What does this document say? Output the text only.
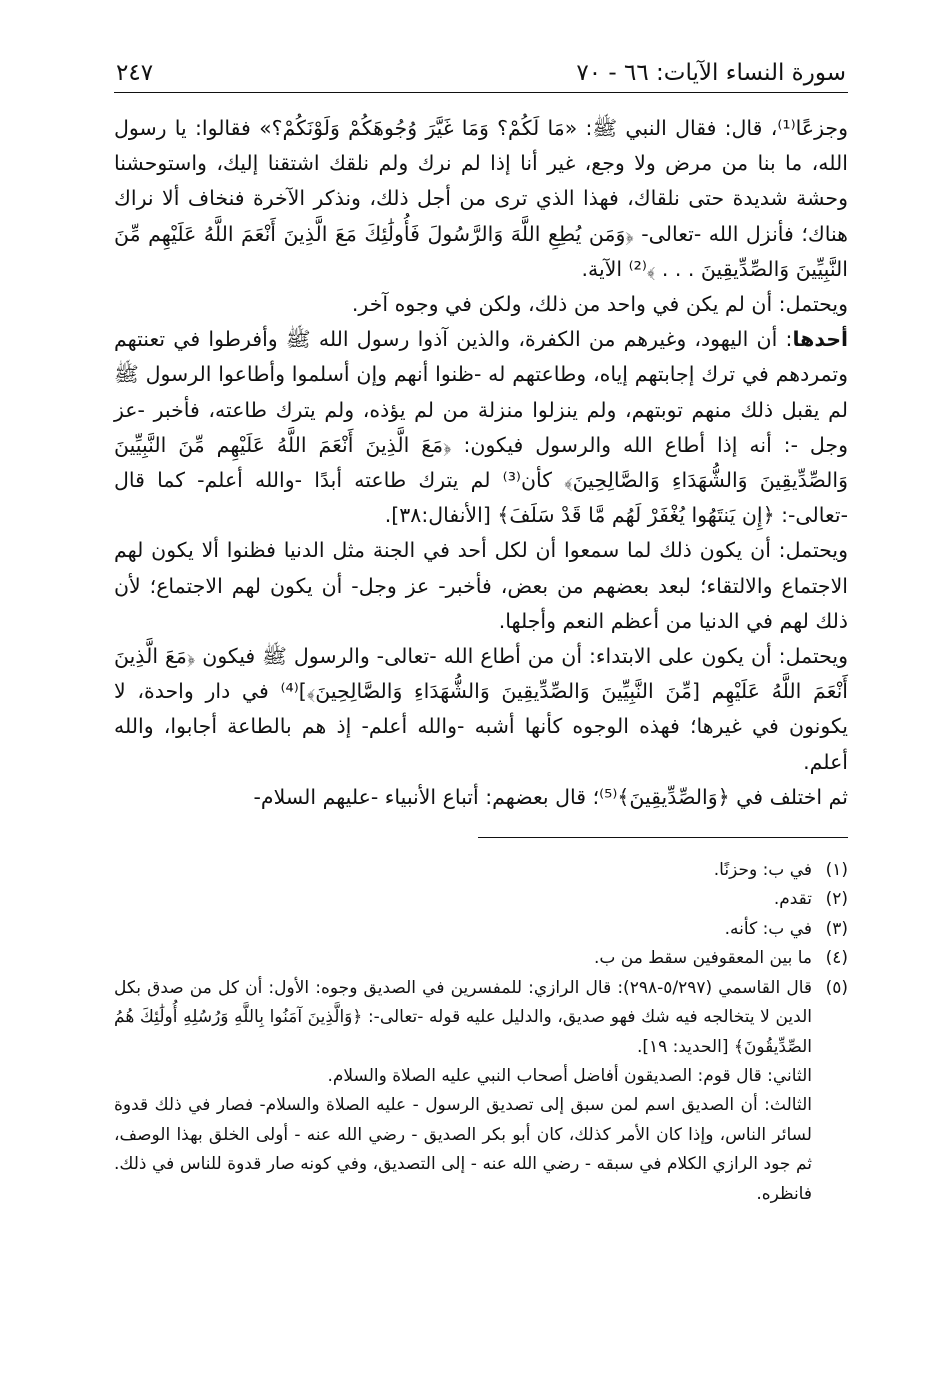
سورة النساء الآيات: ٦٦ - ٧٠
٢٤٧

وجزعًا⁽¹⁾، قال: فقال النبي ﷺ: «مَا لَكُمْ؟ وَمَا غَيَّرَ وُجُوهَكُمْ وَلَوْنَكُمْ؟» فقالوا: يا رسول الله، ما بنا من مرض ولا وجع، غير أنا إذا لم نرك ولم نلقك اشتقنا إليك، واستوحشنا وحشة شديدة حتى نلقاك، فهذا الذي ترى من أجل ذلك، ونذكر الآخرة فنخاف ألا نراك هناك؛ فأنزل الله -تعالى- ﴿وَمَن يُطِعِ اللَّهَ وَالرَّسُولَ فَأُولَٰئِكَ مَعَ الَّذِينَ أَنْعَمَ اللَّهُ عَلَيْهِم مِّنَ النَّبِيِّينَ وَالصِّدِّيقِينَ . . . ﴾⁽²⁾ الآية.

ويحتمل: أن لم يكن في واحد من ذلك، ولكن في وجوه آخر.

أحدها: أن اليهود، وغيرهم من الكفرة، والذين آذوا رسول الله ﷺ وأفرطوا في تعنتهم وتمردهم في ترك إجابتهم إياه، وطاعتهم له -ظنوا أنهم وإن أسلموا وأطاعوا الرسول ﷺ لم يقبل ذلك منهم توبتهم، ولم ينزلوا منزلة من لم يؤذه، ولم يترك طاعته، فأخبر -عز وجل -: أنه إذا أطاع الله والرسول فيكون: ﴿مَعَ الَّذِينَ أَنْعَمَ اللَّهُ عَلَيْهِم مِّنَ النَّبِيِّينَ وَالصِّدِّيقِينَ وَالشُّهَدَاءِ وَالصَّالِحِينَ﴾ كأن⁽³⁾ لم يترك طاعته أبدًا -والله أعلم- كما قال -تعالى-: ﴿إِن يَنتَهُوا يُغْفَرْ لَهُم مَّا قَدْ سَلَفَ﴾ [الأنفال:٣٨].

ويحتمل: أن يكون ذلك لما سمعوا أن لكل أحد في الجنة مثل الدنيا فظنوا ألا يكون لهم الاجتماع والالتقاء؛ لبعد بعضهم من بعض، فأخبر- عز وجل- أن يكون لهم الاجتماع؛ لأن ذلك لهم في الدنيا من أعظم النعم وأجلها.

ويحتمل: أن يكون على الابتداء: أن من أطاع الله -تعالى- والرسول ﷺ فيكون ﴿مَعَ الَّذِينَ أَنْعَمَ اللَّهُ عَلَيْهِم [مِّنَ النَّبِيِّينَ وَالصِّدِّيقِينَ وَالشُّهَدَاءِ وَالصَّالِحِينَ﴾]⁽⁴⁾ في دار واحدة، لا يكونون في غيرها؛ فهذه الوجوه كأنها أشبه -والله أعلم- إذ هم بالطاعة أجابوا، والله أعلم.

ثم اختلف في ﴿وَالصِّدِّيقِينَ﴾⁽⁵⁾؛ قال بعضهم: أتباع الأنبياء -عليهم السلام-

(١)
في ب: وحزنًا.
(٢)
تقدم.
(٣)
في ب: كأنه.
(٤)
ما بين المعقوفين سقط من ب.
(٥)
قال القاسمي (٥/٢٩٧-٢٩٨): قال الرازي: للمفسرين في الصديق وجوه: الأول: أن كل من صدق بكل الدين لا يتخالجه فيه شك فهو صديق، والدليل عليه قوله -تعالى-: ﴿وَالَّذِينَ آمَنُوا بِاللَّهِ وَرُسُلِهِ أُولَٰئِكَ هُمُ الصِّدِّيقُونَ﴾ [الحديد: ١٩].
الثاني: قال قوم: الصديقون أفاضل أصحاب النبي عليه الصلاة والسلام.
الثالث: أن الصديق اسم لمن سبق إلى تصديق الرسول - عليه الصلاة والسلام- فصار في ذلك قدوة لسائر الناس، وإذا كان الأمر كذلك، كان أبو بكر الصديق - رضي الله عنه - أولى الخلق بهذا الوصف، ثم جود الرازي الكلام في سبقه - رضي الله عنه - إلى التصديق، وفي كونه صار قدوة للناس في ذلك. فانظره.
